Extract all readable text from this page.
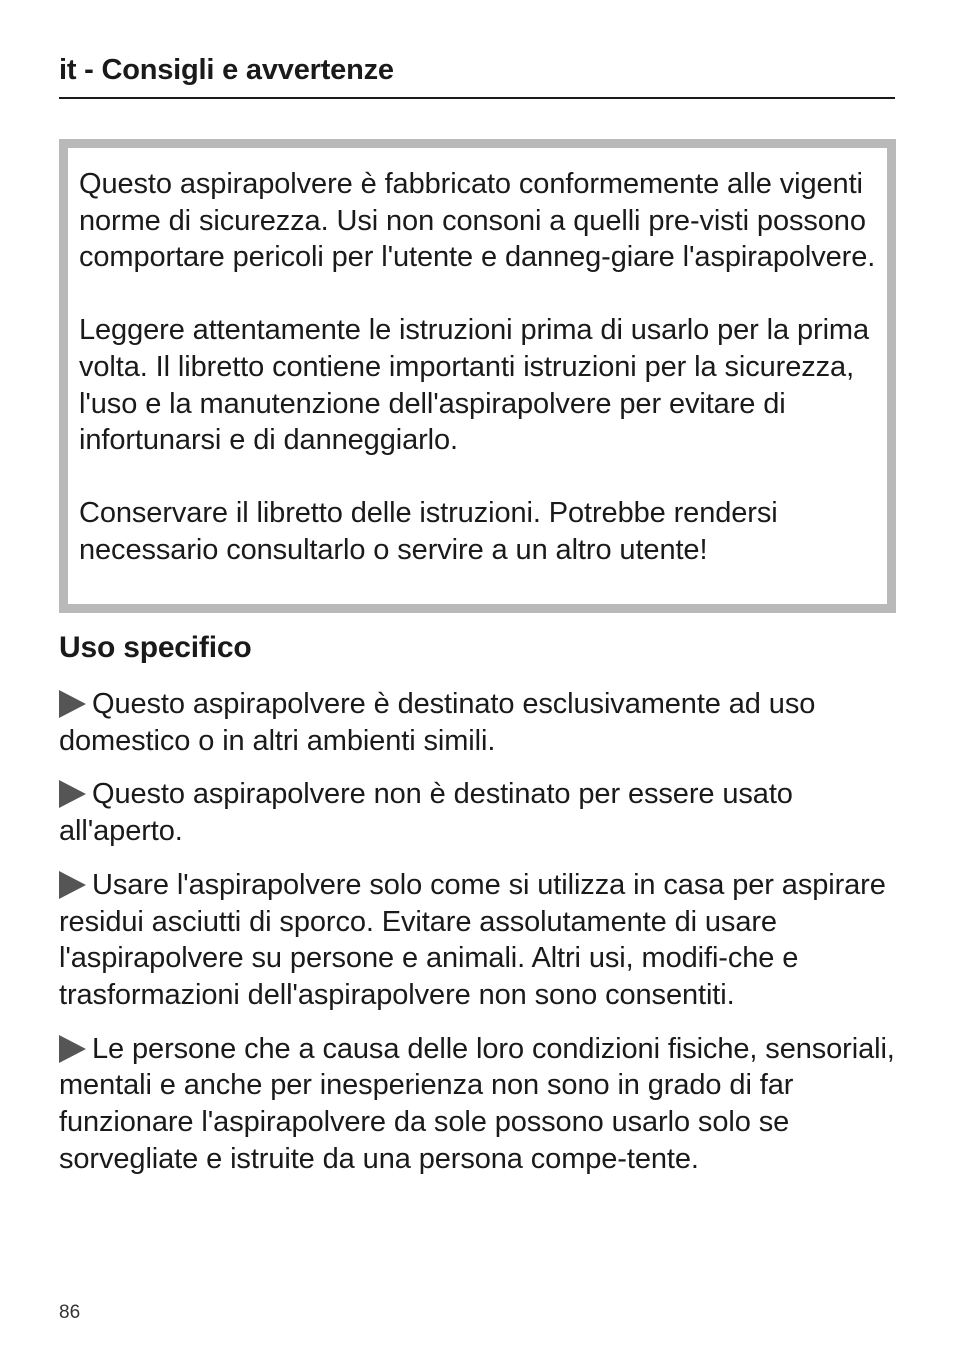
it - Consigli e avvertenze

Questo aspirapolvere è fabbricato conformemente alle vigenti norme di sicurezza. Usi non consoni a quelli pre-visti possono comportare pericoli per l'utente e danneg-giare l'aspirapolvere.

Leggere attentamente le istruzioni prima di usarlo per la prima volta. Il libretto contiene importanti istruzioni per la sicurezza, l'uso e la manutenzione dell'aspirapolvere per evitare di infortunarsi e di danneggiarlo.

Conservare il libretto delle istruzioni. Potrebbe rendersi necessario consultarlo o servire a un altro utente!

Uso specifico

Questo aspirapolvere è destinato esclusivamente ad uso domestico o in altri ambienti simili.

Questo aspirapolvere non è destinato per essere usato all'aperto.

Usare l'aspirapolvere solo come si utilizza in casa per aspirare residui asciutti di sporco. Evitare assolutamente di usare l'aspirapolvere su persone e animali. Altri usi, modifi-che e trasformazioni dell'aspirapolvere non sono consentiti.

Le persone che a causa delle loro condizioni fisiche, sensoriali, mentali e anche per inesperienza non sono in grado di far funzionare l'aspirapolvere da sole possono usarlo solo se sorvegliate e istruite da una persona compe-tente.

86
